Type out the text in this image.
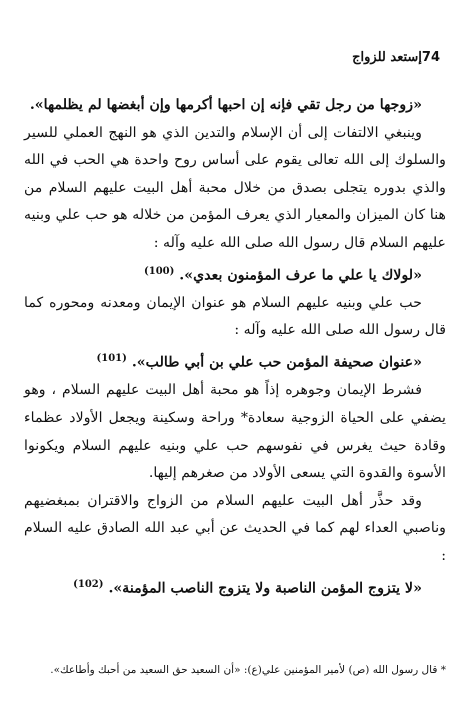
إستعد للزواج 74

«زوجها من رجل تقي فإنه إن احبها أكرمها وإن أبغضها لم يظلمها».

وينبغي الالتفات إلى أن الإسلام والتدين الذي هو النهج العملي للسير والسلوك إلى الله تعالى يقوم على أساس روح واحدة هي الحب في الله والذي بدوره يتجلى بصدق من خلال محبة أهل البيت عليهم السلام من هنا كان الميزان والمعيار الذي يعرف المؤمن من خلاله هو حب علي وبنيه عليهم السلام قال رسول الله صلى الله عليه وآله :

«لولاك يا علي ما عرف المؤمنون بعدي». $^{(100)}$

حب علي وبنيه عليهم السلام هو عنوان الإيمان ومعدنه ومحوره كما قال رسول الله صلى الله عليه وآله :

«عنوان صحيفة المؤمن حب علي بن أبي طالب». $^{(101)}$

فشرط الإيمان وجوهره إذاً هو محبة أهل البيت عليهم السلام ، وهو يضفي على الحياة الزوجية سعادة* وراحة وسكينة ويجعل الأولاد عظماء وقادة حيث يغرس في نفوسهم حب علي وبنيه عليهم السلام ويكونوا الأسوة والقدوة التي يسعى الأولاد من صغرهم إليها.

وقد حذَّر أهل البيت عليهم السلام من الزواج والاقتران بمبغضيهم وناصبي العداء لهم كما في الحديث عن أبي عبد الله الصادق عليه السلام :

«لا يتزوج المؤمن الناصبة ولا يتزوج الناصب المؤمنة». $^{(102)}$

* قال رسول الله (ص) لأمير المؤمنين علي(ع): «أن السعيد حق السعيد من أحبك وأطاعك».
